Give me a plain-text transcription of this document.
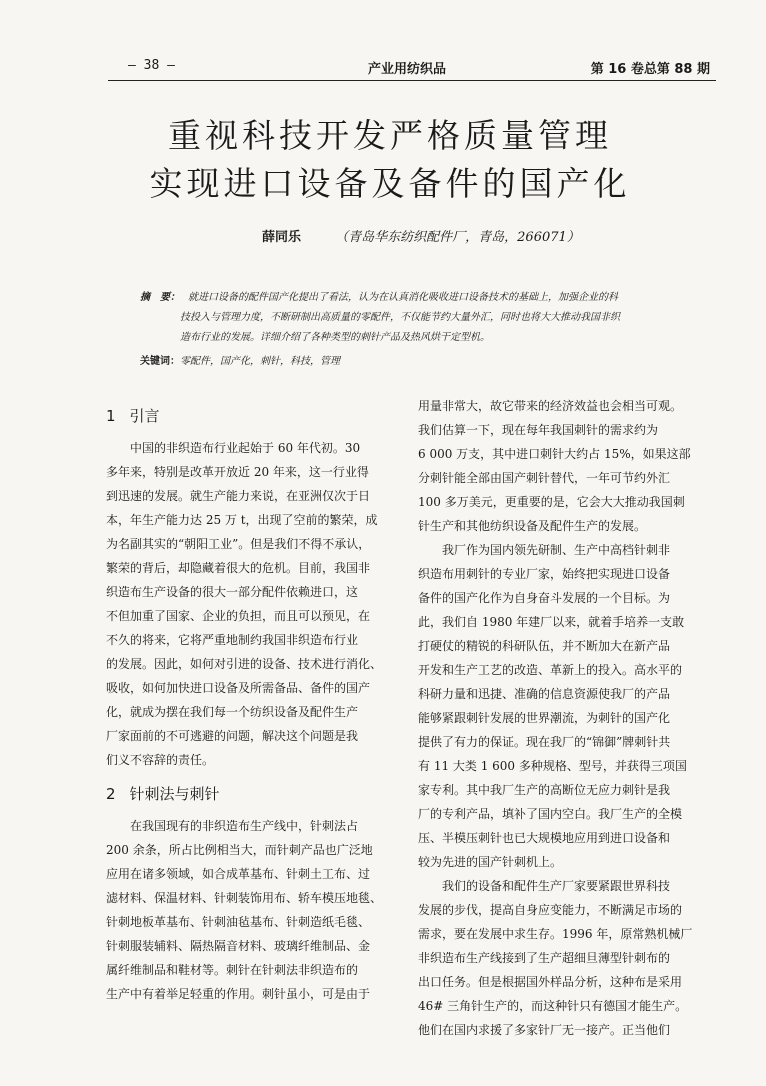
— 38 —	产业用纺织品	第 16 卷总第 88 期
重视科技开发严格质量管理
实现进口设备及备件的国产化
薛同乐	（青岛华东纺织配件厂，青岛，266071）
摘　要： 就进口设备的配件国产化提出了看法，认为在认真消化吸收进口设备技术的基础上，加强企业的科
技投入与管理力度，不断研制出高质量的零配件，不仅能节约大量外汇，同时也将大大推动我国非织
造布行业的发展。详细介绍了各种类型的刺针产品及热风烘干定型机。
关键词：零配件，国产化，刺针，科技，管理
1 引言
中国的非织造布行业起始于 60 年代初。30
多年来，特别是改革开放近 20 年来，这一行业得
到迅速的发展。就生产能力来说，在亚洲仅次于日
本，年生产能力达 25 万 t，出现了空前的繁荣，成
为名副其实的“朝阳工业”。但是我们不得不承认，
繁荣的背后，却隐藏着很大的危机。目前，我国非
织造布生产设备的很大一部分配件依赖进口，这
不但加重了国家、企业的负担，而且可以预见，在
不久的将来，它将严重地制约我国非织造布行业
的发展。因此，如何对引进的设备、技术进行消化、
吸收，如何加快进口设备及所需备品、备件的国产
化，就成为摆在我们每一个纺织设备及配件生产
厂家面前的不可逃避的问题，解决这个问题是我
们义不容辞的责任。
2 针刺法与刺针
在我国现有的非织造布生产线中，针刺法占
200 余条，所占比例相当大，而针刺产品也广泛地
应用在诸多领域，如合成革基布、针刺土工布、过
滤材料、保温材料、针刺装饰用布、轿车模压地毯、
针刺地板革基布、针刺油毡基布、针刺造纸毛毯、
针刺服装辅料、隔热隔音材料、玻璃纤维制品、金
属纤维制品和鞋材等。刺针在针刺法非织造布的
生产中有着举足轻重的作用。刺针虽小，可是由于
用量非常大，故它带来的经济效益也会相当可观。
我们估算一下，现在每年我国刺针的需求约为
6 000 万支，其中进口刺针大约占 15%，如果这部
分刺针能全部由国产刺针替代，一年可节约外汇
100 多万美元，更重要的是，它会大大推动我国刺
针生产和其他纺织设备及配件生产的发展。
我厂作为国内领先研制、生产中高档针刺非
织造布用刺针的专业厂家，始终把实现进口设备
备件的国产化作为自身奋斗发展的一个目标。为
此，我们自 1980 年建厂以来，就着手培养一支敢
打硬仗的精锐的科研队伍，并不断加大在新产品
开发和生产工艺的改造、革新上的投入。高水平的
科研力量和迅捷、准确的信息资源使我厂的产品
能够紧跟刺针发展的世界潮流，为刺针的国产化
提供了有力的保证。现在我厂的“锦御”牌刺针共
有 11 大类 1 600 多种规格、型号，并获得三项国
家专利。其中我厂生产的高断位无应力刺针是我
厂的专利产品，填补了国内空白。我厂生产的全模
压、半模压刺针也已大规模地应用到进口设备和
较为先进的国产针刺机上。
我们的设备和配件生产厂家要紧跟世界科技
发展的步伐，提高自身应变能力，不断满足市场的
需求，要在发展中求生存。1996 年，原常熟机械厂
非织造布生产线接到了生产超细旦薄型针刺布的
出口任务。但是根据国外样品分析，这种布是采用
46# 三角针生产的，而这种针只有德国才能生产。
他们在国内求援了多家针厂无一接产。正当他们
